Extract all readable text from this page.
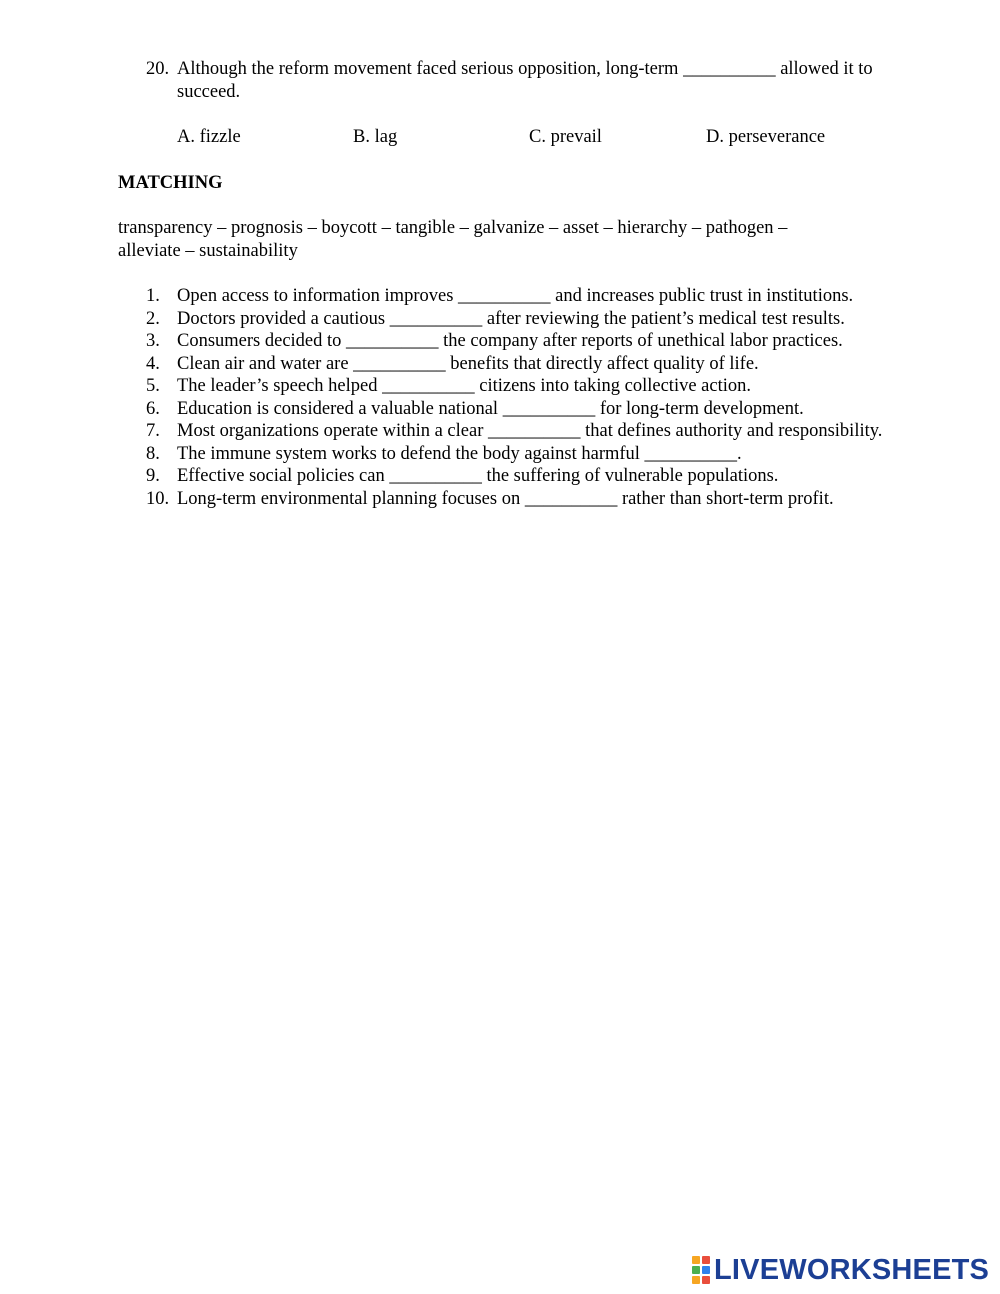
20. Although the reform movement faced serious opposition, long-term __________ allowed it to succeed.
A. fizzle	B. lag	C. prevail	D. perseverance
MATCHING
transparency – prognosis – boycott – tangible – galvanize – asset – hierarchy – pathogen – alleviate – sustainability
1. Open access to information improves __________ and increases public trust in institutions.
2. Doctors provided a cautious __________ after reviewing the patient’s medical test results.
3. Consumers decided to __________ the company after reports of unethical labor practices.
4. Clean air and water are __________ benefits that directly affect quality of life.
5. The leader’s speech helped __________ citizens into taking collective action.
6. Education is considered a valuable national __________ for long-term development.
7. Most organizations operate within a clear __________ that defines authority and responsibility.
8. The immune system works to defend the body against harmful __________.
9. Effective social policies can __________ the suffering of vulnerable populations.
10. Long-term environmental planning focuses on __________ rather than short-term profit.
LIVEWORKSHEETS
